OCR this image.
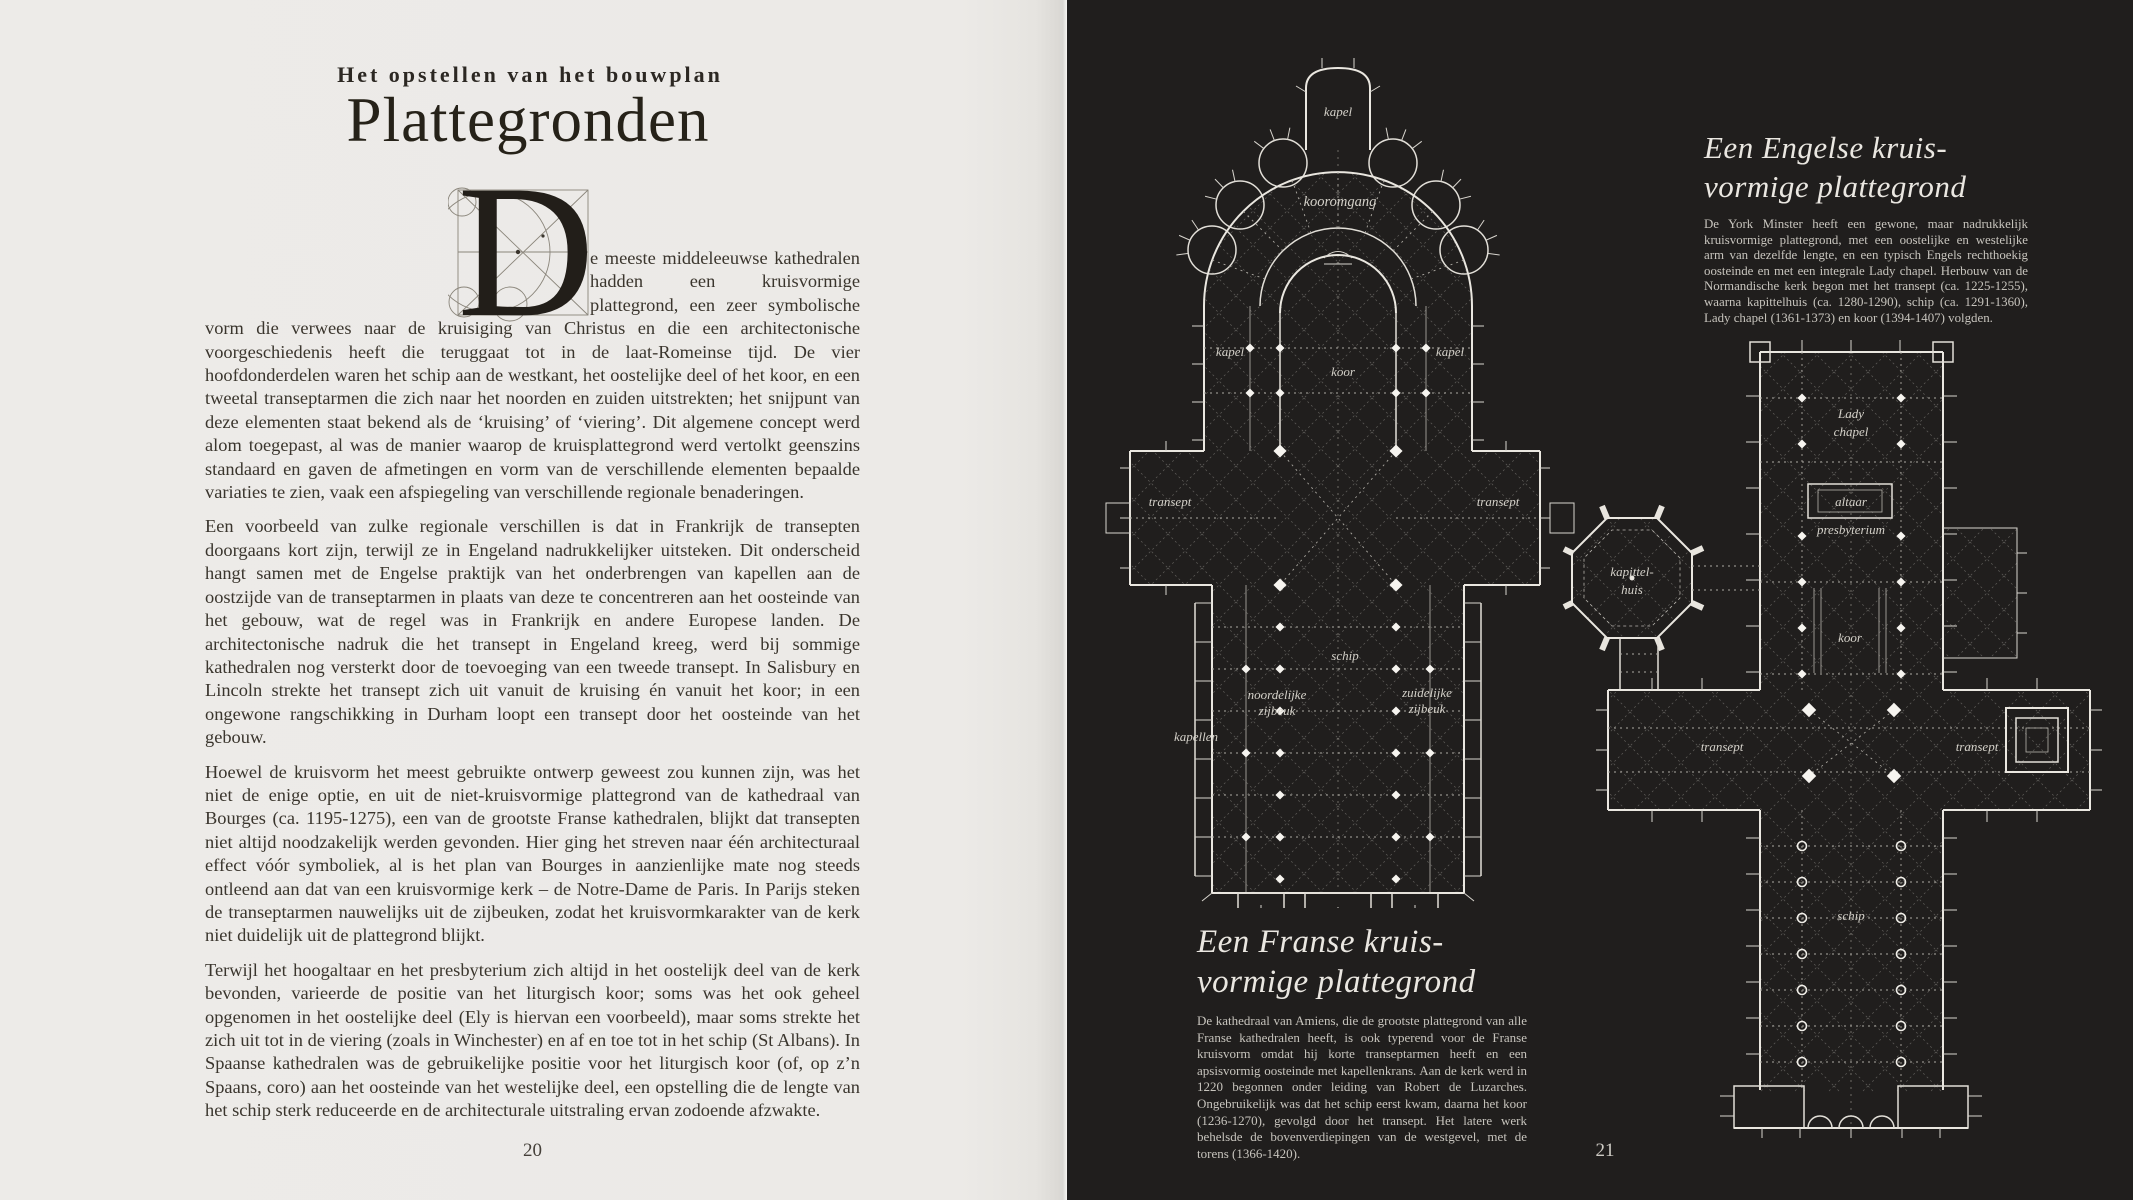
Het opstellen van het bouwplan
Plattegronden
D
e meeste middeleeuwse kathedralen hadden een kruisvormige plattegrond, een zeer symbolische vorm die verwees naar de kruisiging van Christus en die een architectonische voorgeschiedenis heeft die teruggaat tot in de laat-Romeinse tijd. De vier hoofdonderdelen waren het schip aan de westkant, het oostelijke deel of het koor, en een tweetal transeptarmen die zich naar het noorden en zuiden uitstrekten; het snijpunt van deze elementen staat bekend als de ‘kruising’ of ‘viering’. Dit algemene concept werd alom toegepast, al was de manier waarop de kruisplattegrond werd vertolkt geenszins standaard en gaven de afmetingen en vorm van de verschillende elementen bepaalde variaties te zien, vaak een afspiegeling van verschillende regionale benaderingen.

Een voorbeeld van zulke regionale verschillen is dat in Frankrijk de transepten doorgaans kort zijn, terwijl ze in Engeland nadrukkelijker uitsteken. Dit onderscheid hangt samen met de Engelse praktijk van het onderbrengen van kapellen aan de oostzijde van de transeptarmen in plaats van deze te concentreren aan het oosteinde van het gebouw, wat de regel was in Frankrijk en andere Europese landen. De architectonische nadruk die het transept in Engeland kreeg, werd bij sommige kathedralen nog versterkt door de toevoeging van een tweede transept. In Salisbury en Lincoln strekte het transept zich uit vanuit de kruising én vanuit het koor; in een ongewone rangschikking in Durham loopt een transept door het oosteinde van het gebouw.

Hoewel de kruisvorm het meest gebruikte ontwerp geweest zou kunnen zijn, was het niet de enige optie, en uit de niet-kruisvormige plattegrond van de kathedraal van Bourges (ca. 1195-1275), een van de grootste Franse kathedralen, blijkt dat transepten niet altijd noodzakelijk werden gevonden. Hier ging het streven naar één architecturaal effect vóór symboliek, al is het plan van Bourges in aanzienlijke mate nog steeds ontleend aan dat van een kruisvormige kerk – de Notre-Dame de Paris. In Parijs steken de transeptarmen nauwelijks uit de zijbeuken, zodat het kruisvormkarakter van de kerk niet duidelijk uit de plattegrond blijkt.

Terwijl het hoogaltaar en het presbyterium zich altijd in het oostelijk deel van de kerk bevonden, varieerde de positie van het liturgisch koor; soms was het ook geheel opgenomen in het oostelijke deel (Ely is hiervan een voorbeeld), maar soms strekte het zich uit tot in de viering (zoals in Winchester) en af en toe tot in het schip (St Albans). In Spaanse kathedralen was de gebruikelijke positie voor het liturgisch koor (of, op z’n Spaans, coro) aan het oosteinde van het westelijke deel, een opstelling die de lengte van het schip sterk reduceerde en de architecturale uitstraling ervan zodoende afzwakte.

20
kapel
kooromgang
kapel	kapel
koor
transept	transept
schip
noordelijke
zijbeuk
zuidelijke
zijbeuk
kapellen
Lady
chapel
altaar
presbyterium
koor
transept	transept
schip
kapittel-
huis
Een Engelse kruis-
vormige plattegrond
De York Minster heeft een gewone, maar nadrukkelijk kruisvormige plattegrond, met een oostelijke en westelijke arm van dezelfde lengte, en een typisch Engels rechthoekig oosteinde en met een integrale Lady chapel. Herbouw van de Normandische kerk begon met het transept (ca. 1225-1255), waarna kapittelhuis (ca. 1280-1290), schip (ca. 1291-1360), Lady chapel (1361-1373) en koor (1394-1407) volgden.
Een Franse kruis-
vormige plattegrond
De kathedraal van Amiens, die de grootste plattegrond van alle Franse kathedralen heeft, is ook typerend voor de Franse kruisvorm omdat hij korte transeptarmen heeft en een apsisvormig oosteinde met kapellenkrans. Aan de kerk werd in 1220 begonnen onder leiding van Robert de Luzarches. Ongebruikelijk was dat het schip eerst kwam, daarna het koor (1236-1270), gevolgd door het transept. Het latere werk behelsde de bovenverdiepingen van de westgevel, met de torens (1366-1420).	21
